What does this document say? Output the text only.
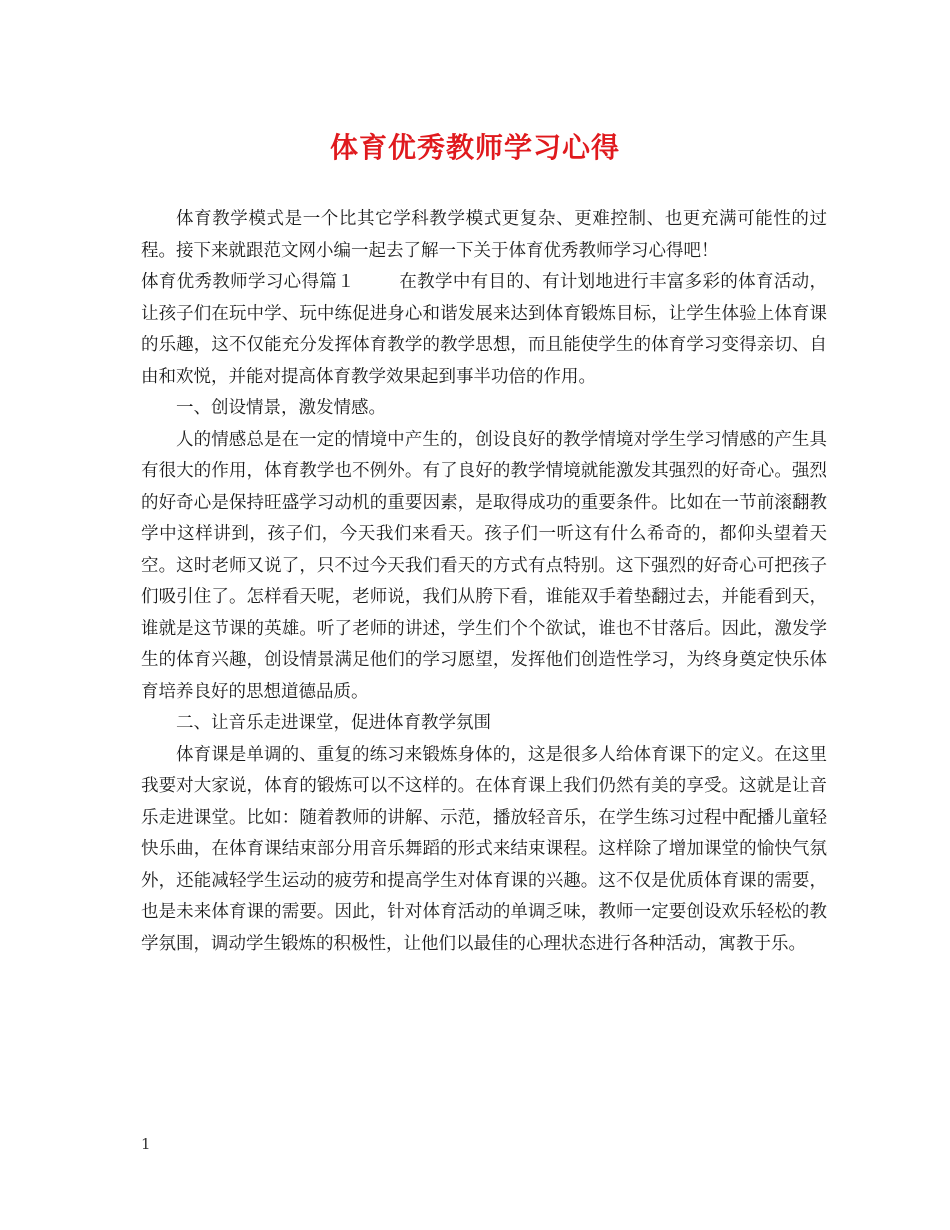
体育优秀教师学习心得

体育教学模式是一个比其它学科教学模式更复杂、更难控制、也更充满可能性的过程。接下来就跟范文网小编一起去了解一下关于体育优秀教师学习心得吧！

体育优秀教师学习心得篇１	在教学中有目的、有计划地进行丰富多彩的体育活动，让孩子们在玩中学、玩中练促进身心和谐发展来达到体育锻炼目标，让学生体验上体育课的乐趣，这不仅能充分发挥体育教学的教学思想，而且能使学生的体育学习变得亲切、自由和欢悦，并能对提高体育教学效果起到事半功倍的作用。

一、创设情景，激发情感。

人的情感总是在一定的情境中产生的，创设良好的教学情境对学生学习情感的产生具有很大的作用，体育教学也不例外。有了良好的教学情境就能激发其强烈的好奇心。强烈的好奇心是保持旺盛学习动机的重要因素，是取得成功的重要条件。比如在一节前滚翻教学中这样讲到，孩子们，今天我们来看天。孩子们一听这有什么希奇的，都仰头望着天空。这时老师又说了，只不过今天我们看天的方式有点特别。这下强烈的好奇心可把孩子们吸引住了。怎样看天呢，老师说，我们从胯下看，谁能双手着垫翻过去，并能看到天，谁就是这节课的英雄。听了老师的讲述，学生们个个欲试，谁也不甘落后。因此，激发学生的体育兴趣，创设情景满足他们的学习愿望，发挥他们创造性学习，为终身奠定快乐体育培养良好的思想道德品质。

二、让音乐走进课堂，促进体育教学氛围

体育课是单调的、重复的练习来锻炼身体的，这是很多人给体育课下的定义。在这里我要对大家说，体育的锻炼可以不这样的。在体育课上我们仍然有美的享受。这就是让音乐走进课堂。比如：随着教师的讲解、示范，播放轻音乐，在学生练习过程中配播儿童轻快乐曲，在体育课结束部分用音乐舞蹈的形式来结束课程。这样除了增加课堂的愉快气氛外，还能减轻学生运动的疲劳和提高学生对体育课的兴趣。这不仅是优质体育课的需要，也是未来体育课的需要。因此，针对体育活动的单调乏味，教师一定要创设欢乐轻松的教学氛围，调动学生锻炼的积极性，让他们以最佳的心理状态进行各种活动，寓教于乐。

1
